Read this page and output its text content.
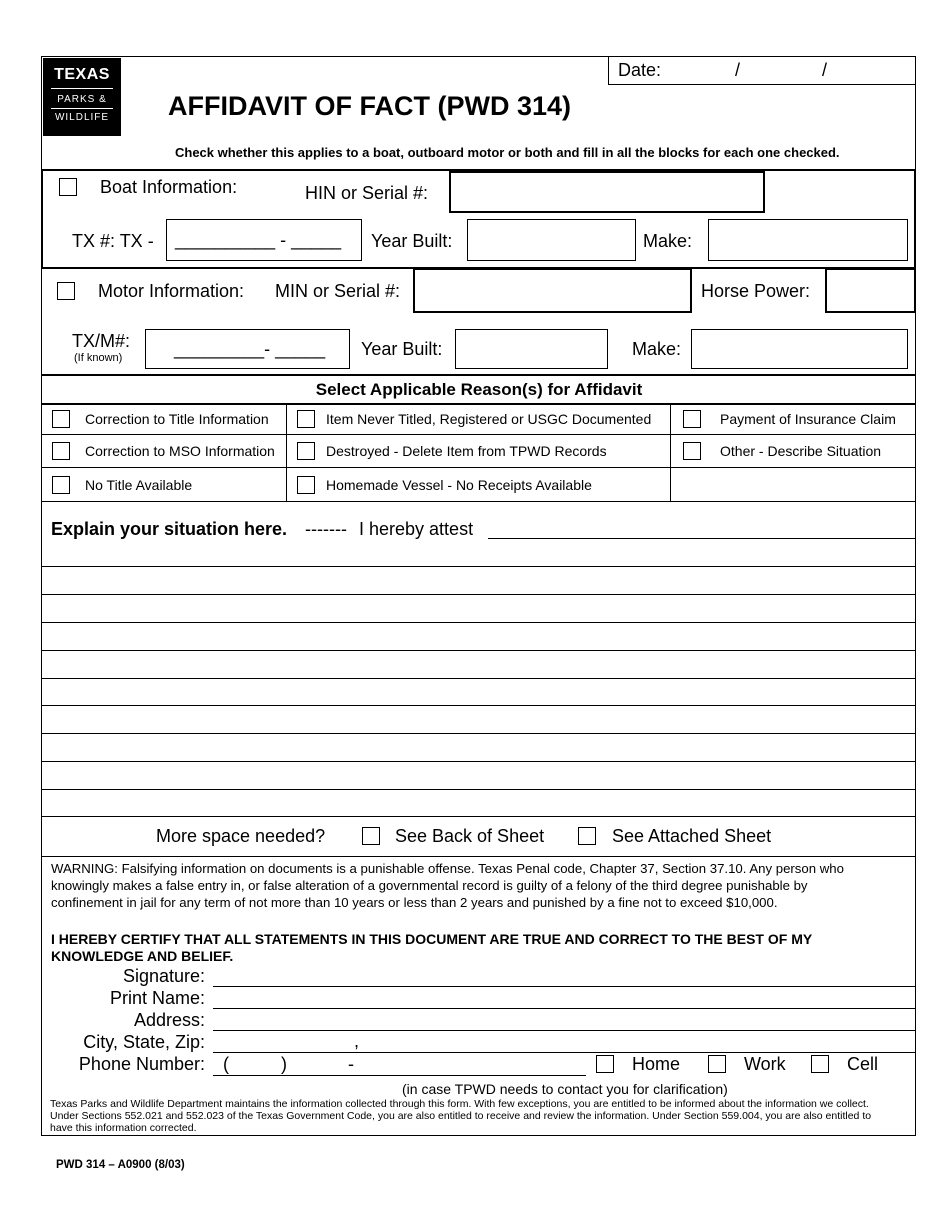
Date:	/	/
TEXAS
PARKS &
WILDLIFE	AFFIDAVIT OF FACT (PWD 314)
Check whether this applies to a boat, outboard motor or both and fill in all the blocks for each one checked.
Boat Information:	HIN or Serial #:
TX #: TX - __________ - _____ Year Built:	Make:
Motor Information: MIN or Serial #:	Horse Power:
TX/M#:
(If known)	_________- _____ Year Built:	Make:
Select Applicable Reason(s) for Affidavit
Correction to Title Information	Item Never Titled, Registered or USGC Documented	Payment of Insurance Claim
Correction to MSO Information	Destroyed - Delete Item from TPWD Records	Other - Describe Situation
No Title Available	Homemade Vessel - No Receipts Available
Explain your situation here. ------- I hereby attest
More space needed?	See Back of Sheet	See Attached Sheet
WARNING: Falsifying information on documents is a punishable offense. Texas Penal code, Chapter 37, Section 37.10. Any person who
knowingly makes a false entry in, or false alteration of a governmental record is guilty of a felony of the third degree punishable by
confinement in jail for any term of not more than 10 years or less than 2 years and punished by a fine not to exceed $10,000.
I HEREBY CERTIFY THAT ALL STATEMENTS IN THIS DOCUMENT ARE TRUE AND CORRECT TO THE BEST OF MY
KNOWLEDGE AND BELIEF.
Signature:
Print Name:
Address:
City, State, Zip:	,
Phone Number: (	)	-	Home	Work	Cell
(in case TPWD needs to contact you for clarification)
Texas Parks and Wildlife Department maintains the information collected through this form. With few exceptions, you are entitled to be informed about the information we collect.
Under Sections 552.021 and 552.023 of the Texas Government Code, you are also entitled to receive and review the information. Under Section 559.004, you are also entitled to
have this information corrected.
PWD 314 – A0900 (8/03)
